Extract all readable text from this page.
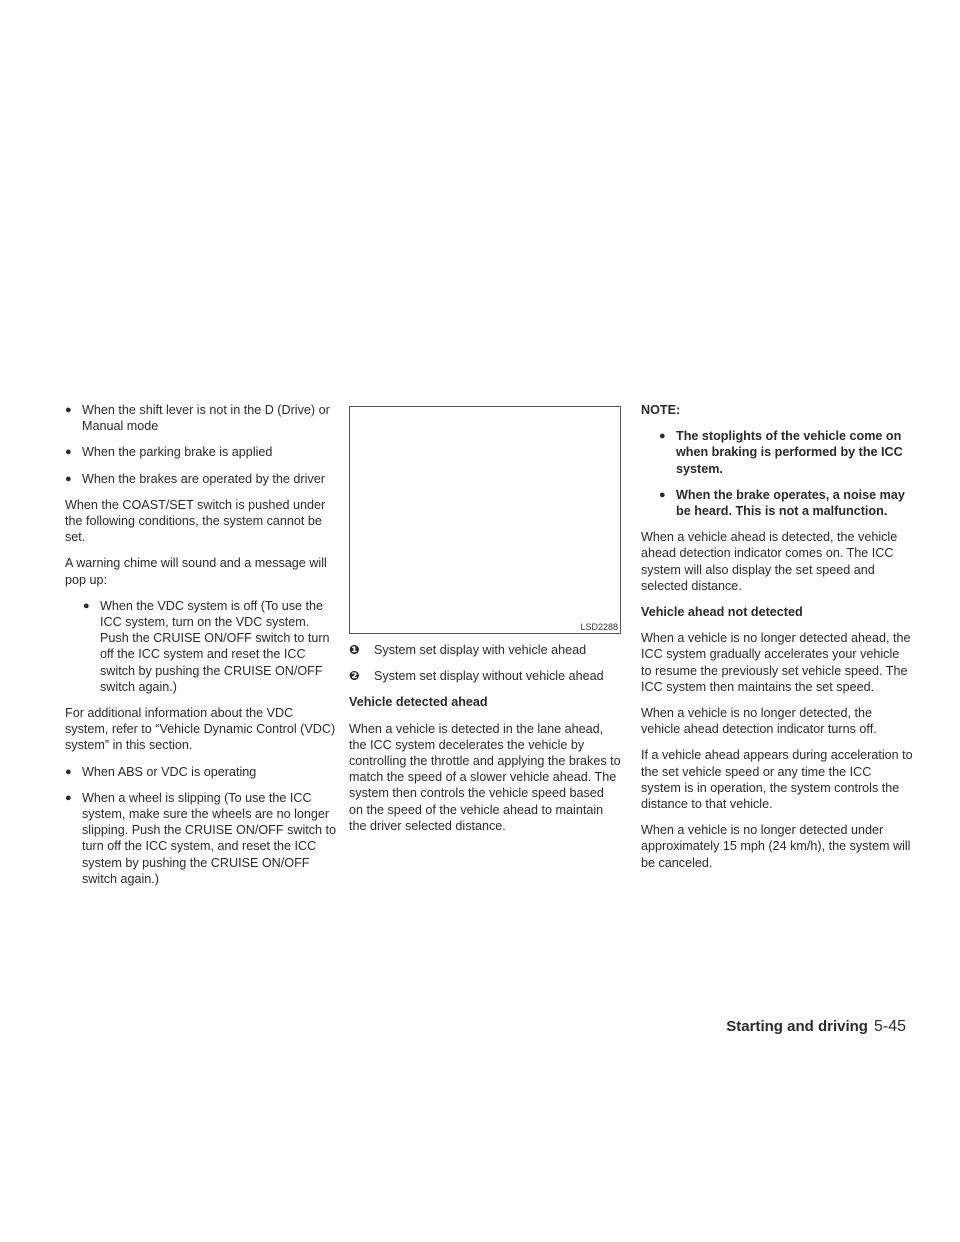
● When the shift lever is not in the D (Drive) or Manual mode
● When the parking brake is applied
● When the brakes are operated by the driver

When the COAST/SET switch is pushed under the following conditions, the system cannot be set.

A warning chime will sound and a message will pop up:

● When the VDC system is off (To use the ICC system, turn on the VDC system. Push the CRUISE ON/OFF switch to turn off the ICC system and reset the ICC switch by pushing the CRUISE ON/OFF switch again.)

For additional information about the VDC system, refer to “Vehicle Dynamic Control (VDC) system” in this section.

● When ABS or VDC is operating
● When a wheel is slipping (To use the ICC system, make sure the wheels are no longer slipping. Push the CRUISE ON/OFF switch to turn off the ICC system, and reset the ICC system by pushing the CRUISE ON/OFF switch again.)
LSD2288
❶ System set display with vehicle ahead
❷ System set display without vehicle ahead

Vehicle detected ahead

When a vehicle is detected in the lane ahead, the ICC system decelerates the vehicle by controlling the throttle and applying the brakes to match the speed of a slower vehicle ahead. The system then controls the vehicle speed based on the speed of the vehicle ahead to maintain the driver selected distance.

NOTE:

● The stoplights of the vehicle come on when braking is performed by the ICC system.
● When the brake operates, a noise may be heard. This is not a malfunction.

When a vehicle ahead is detected, the vehicle ahead detection indicator comes on. The ICC system will also display the set speed and selected distance.

Vehicle ahead not detected

When a vehicle is no longer detected ahead, the ICC system gradually accelerates your vehicle to resume the previously set vehicle speed. The ICC system then maintains the set speed.

When a vehicle is no longer detected, the vehicle ahead detection indicator turns off.

If a vehicle ahead appears during acceleration to the set vehicle speed or any time the ICC system is in operation, the system controls the distance to that vehicle.

When a vehicle is no longer detected under approximately 15 mph (24 km/h), the system will be canceled.

Starting and driving 5-45
